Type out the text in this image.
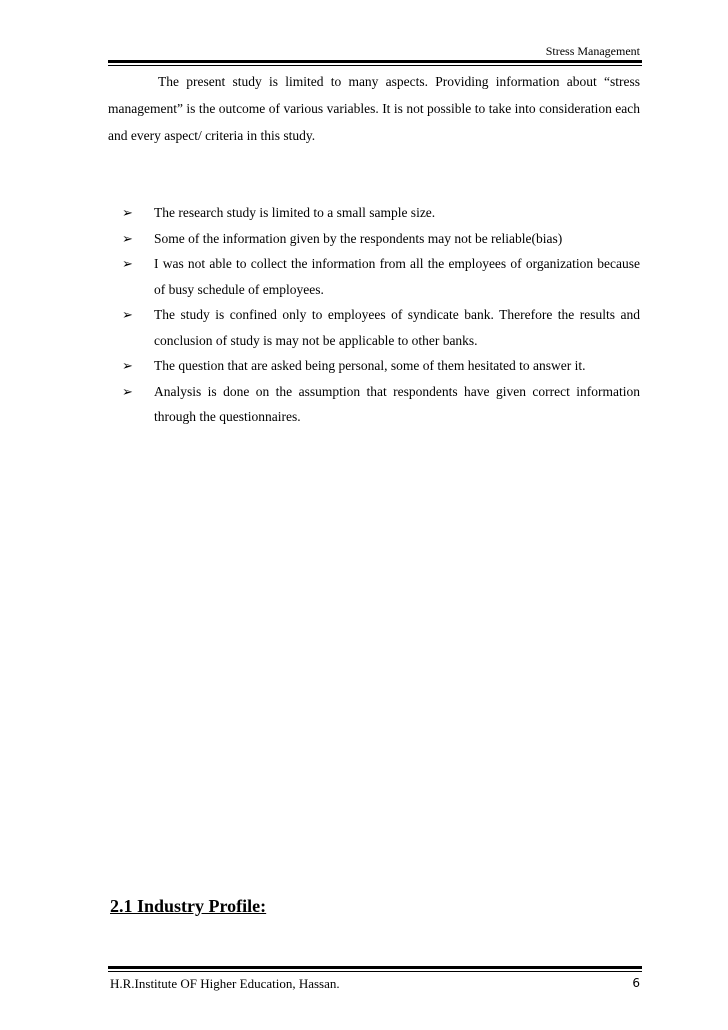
Stress Management

The present study is limited to many aspects. Providing information about “stress management” is the outcome of various variables. It is not possible to take into consideration each and every aspect/ criteria in this study.

➢	The research study is limited to a small sample size.
➢	Some of the information given by the respondents may not be reliable(bias)
➢	I was not able to collect the information from all the employees of organization because of busy schedule of employees.
➢	The study is confined only to employees of syndicate bank. Therefore the results and conclusion of study is may not be applicable to other banks.
➢	The question that are asked being personal, some of them hesitated to answer it.
➢	Analysis is done on the assumption that respondents have given correct information through the questionnaires.
2.1 Industry Profile:
H.R.Institute OF Higher Education, Hassan.	6
